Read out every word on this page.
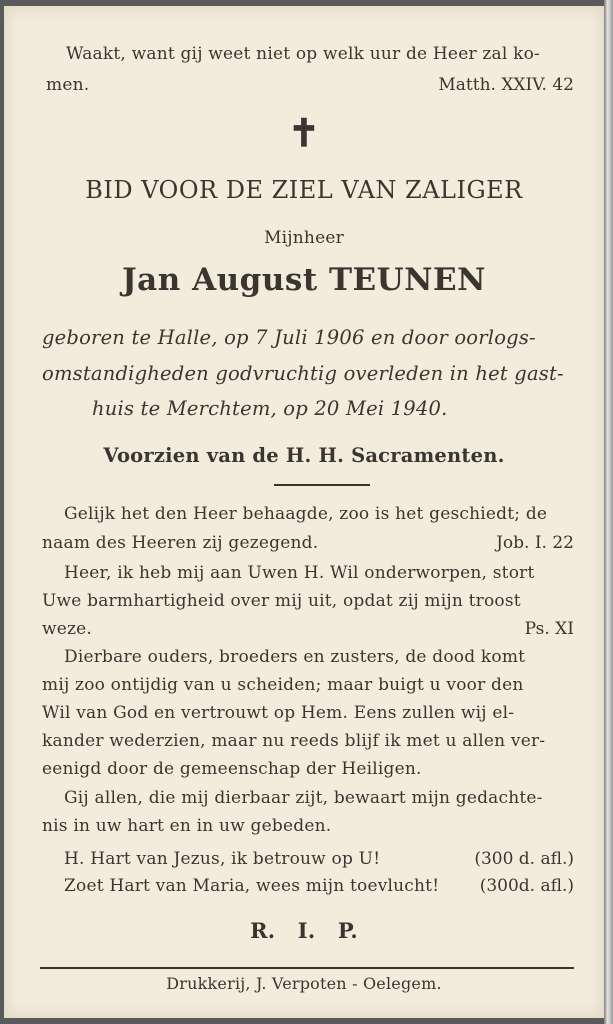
Waakt, want gij weet niet op welk uur de Heer zal ko-
men.	Matth. XXIV. 42
✝
BID VOOR DE ZIEL VAN ZALIGER
Mijnheer
Jan August TEUNEN
geboren te Halle, op 7 Juli 1906 en door oorlogs-
omstandigheden godvruchtig overleden in het gast-
huis te Merchtem, op 20 Mei 1940.
Voorzien van de H. H. Sacramenten.
Gelijk het den Heer behaagde, zoo is het geschiedt; de
naam des Heeren zij gezegend.	Job. I. 22
Heer, ik heb mij aan Uwen H. Wil onderworpen, stort
Uwe barmhartigheid over mij uit, opdat zij mijn troost
weze.	Ps. XI
Dierbare ouders, broeders en zusters, de dood komt
mij zoo ontijdig van u scheiden; maar buigt u voor den
Wil van God en vertrouwt op Hem. Eens zullen wij el-
kander wederzien, maar nu reeds blijf ik met u allen ver-
eenigd door de gemeenschap der Heiligen.
Gij allen, die mij dierbaar zijt, bewaart mijn gedachte-
nis in uw hart en in uw gebeden.
H. Hart van Jezus, ik betrouw op U!	(300 d. afl.)
Zoet Hart van Maria, wees mijn toevlucht! (300d. afl.)
R.   I.   P.
Drukkerij, J. Verpoten - Oelegem.
